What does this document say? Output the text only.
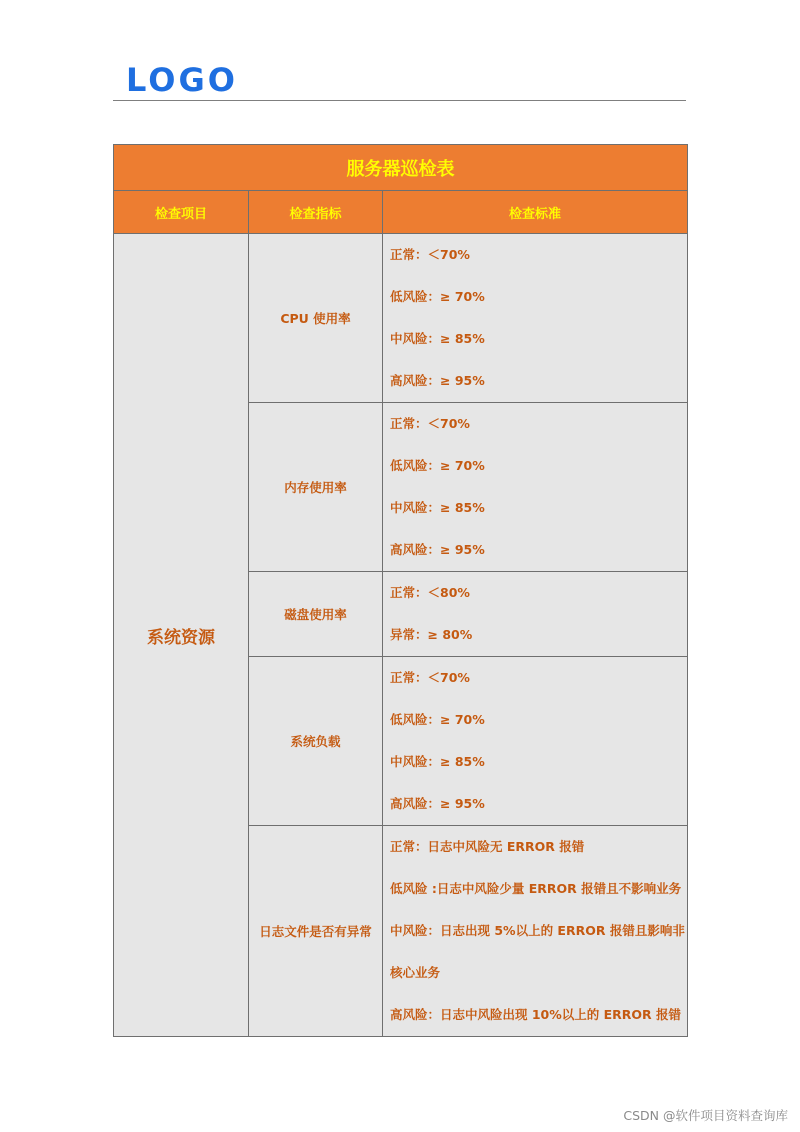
LOGO
服务器巡检表		
检查项目	检查指标	检查标准
系统资源	CPU 使用率	正常：＜70%
低风险：≥ 70%
中风险：≥ 85%
高风险：≥ 95%

	内存使用率	正常：＜70%
低风险：≥ 70%
中风险：≥ 85%
高风险：≥ 95%

	磁盘使用率	正常：＜80%
异常：≥ 80%

	系统负载	正常：＜70%
低风险：≥ 70%
中风险：≥ 85%
高风险：≥ 95%

	日志文件是否有异常	正常：日志中风险无 ERROR 报错
低风险 :日志中风险少量 ERROR 报错且不影响业务
中风险：日志出现 5%以上的 ERROR 报错且影响非
核心业务
高风险：日志中风险出现 10%以上的 ERROR 报错
CSDN @软件项目资料查询库
